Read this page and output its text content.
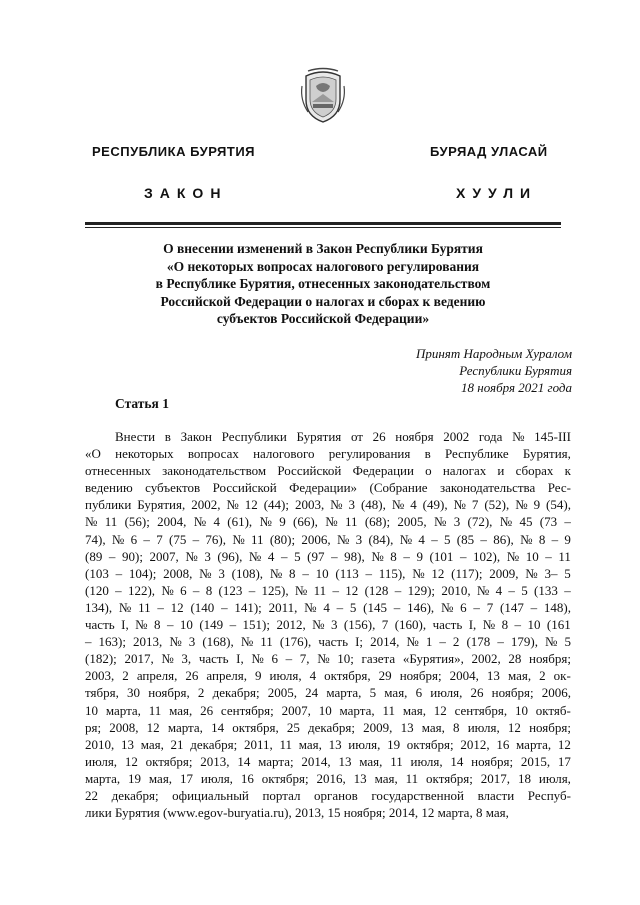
РЕСПУБЛИКА БУРЯТИЯ	БУРЯАД УЛАСАЙ
ЗАКОН	ХУУЛИ
О внесении изменений в Закон Республики Бурятия
«О некоторых вопросах налогового регулирования
в Республике Бурятия, отнесенных законодательством
Российской Федерации о налогах и сборах к ведению
субъектов Российской Федерации»
Принят Народным Хуралом
Республики Бурятия
18 ноября 2021 года
Статья 1
Внести в Закон Республики Бурятия от 26 ноября 2002 года № 145-III
«О некоторых вопросах налогового регулирования в Республике Бурятия,
отнесенных законодательством Российской Федерации о налогах и сборах к
ведению субъектов Российской Федерации» (Собрание законодательства Рес-
публики Бурятия, 2002, № 12 (44); 2003, № 3 (48), № 4 (49), № 7 (52), № 9 (54),
№ 11 (56); 2004, № 4 (61), № 9 (66), № 11 (68); 2005, № 3 (72), № 45 (73 –
74), № 6 – 7 (75 – 76), № 11 (80); 2006, № 3 (84), № 4 – 5 (85 – 86), № 8 – 9
(89 – 90); 2007, № 3 (96), № 4 – 5 (97 – 98), № 8 – 9 (101 – 102), № 10 – 11
(103 – 104); 2008, № 3 (108), № 8 – 10 (113 – 115), № 12 (117); 2009, № 3– 5
(120 – 122), № 6 – 8 (123 – 125), № 11 – 12 (128 – 129); 2010, № 4 – 5 (133 –
134), № 11 – 12 (140 – 141); 2011, № 4 – 5 (145 – 146), № 6 – 7 (147 – 148),
часть I, № 8 – 10 (149 – 151); 2012, № 3 (156), 7 (160), часть I, № 8 – 10 (161
– 163); 2013, № 3 (168), № 11 (176), часть I; 2014, № 1 – 2 (178 – 179), № 5
(182); 2017, № 3, часть I, № 6 – 7, № 10; газета «Бурятия», 2002, 28 ноября;
2003, 2 апреля, 26 апреля, 9 июля, 4 октября, 29 ноября; 2004, 13 мая, 2 ок-
тября, 30 ноября, 2 декабря; 2005, 24 марта, 5 мая, 6 июля, 26 ноября; 2006,
10 марта, 11 мая, 26 сентября; 2007, 10 марта, 11 мая, 12 сентября, 10 октяб-
ря; 2008, 12 марта, 14 октября, 25 декабря; 2009, 13 мая, 8 июля, 12 ноября;
2010, 13 мая, 21 декабря; 2011, 11 мая, 13 июля, 19 октября; 2012, 16 марта, 12
июля, 12 октября; 2013, 14 марта; 2014, 13 мая, 11 июля, 14 ноября; 2015, 17
марта, 19 мая, 17 июля, 16 октября; 2016, 13 мая, 11 октября; 2017, 18 июля,
22 декабря; официальный портал органов государственной власти Респуб-
лики Бурятия (www.egov-buryatia.ru), 2013, 15 ноября; 2014, 12 марта, 8 мая,
